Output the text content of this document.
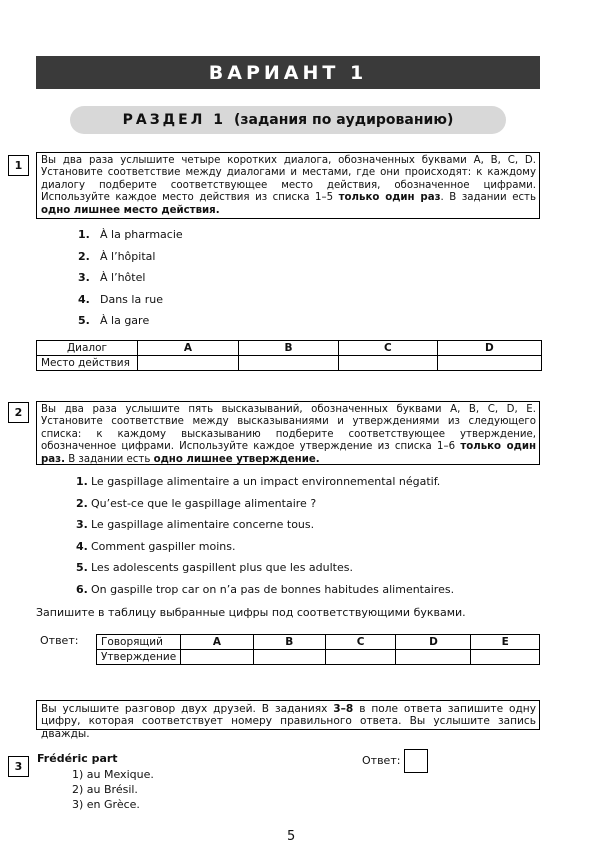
ВАРИАНТ 1
РАЗДЕЛ 1 (задания по аудированию)
1	Вы два раза услышите четыре коротких диалога, обозначенных буквами A, B, C, D. Установите соответствие между диалогами и местами, где они происходят: к каждому диалогу подберите соответствующее место действия, обозначенное цифрами. Используйте каждое место действия из списка 1–5 только один раз. В задании есть одно лишнее место действия.
1. À la pharmacie
2. À l’hôpital
3. À l’hôtel
4. Dans la rue
5. À la garе
Диалог	A	B	C	D
Место действия				
2	Вы два раза услышите пять высказываний, обозначенных буквами A, B, C, D, E. Установите соответствие между высказываниями и утверждениями из следующего списка: к каждому высказыванию подберите соответствующее утверждение, обозначенное цифрами. Используйте каждое утверждение из списка 1–6 только один раз. В задании есть одно лишнее утверждение.
1. Le gaspillage alimentaire a un impact environnemental négatif.
2. Qu’est-ce que le gaspillage alimentaire ?
3. Le gaspillage alimentaire concerne tous.
4. Comment gaspiller moins.
5. Les adolescents gaspillent plus que les adultes.
6. On gaspille trop car on n’a pas de bonnes habitudes alimentaires.
Запишите в таблицу выбранные цифры под соответствующими буквами.
Ответ: Говорящий	A	B	C	D	E
Утверждение					
Вы услышите разговор двух друзей. В заданиях 3–8 в поле ответа запишите одну цифру, которая соответствует номеру правильного ответа. Вы услышите запись дважды.
3
Frédéric part
1) au Mexique.
2) au Brésil.
3) en Grèce.
Ответ:
5
